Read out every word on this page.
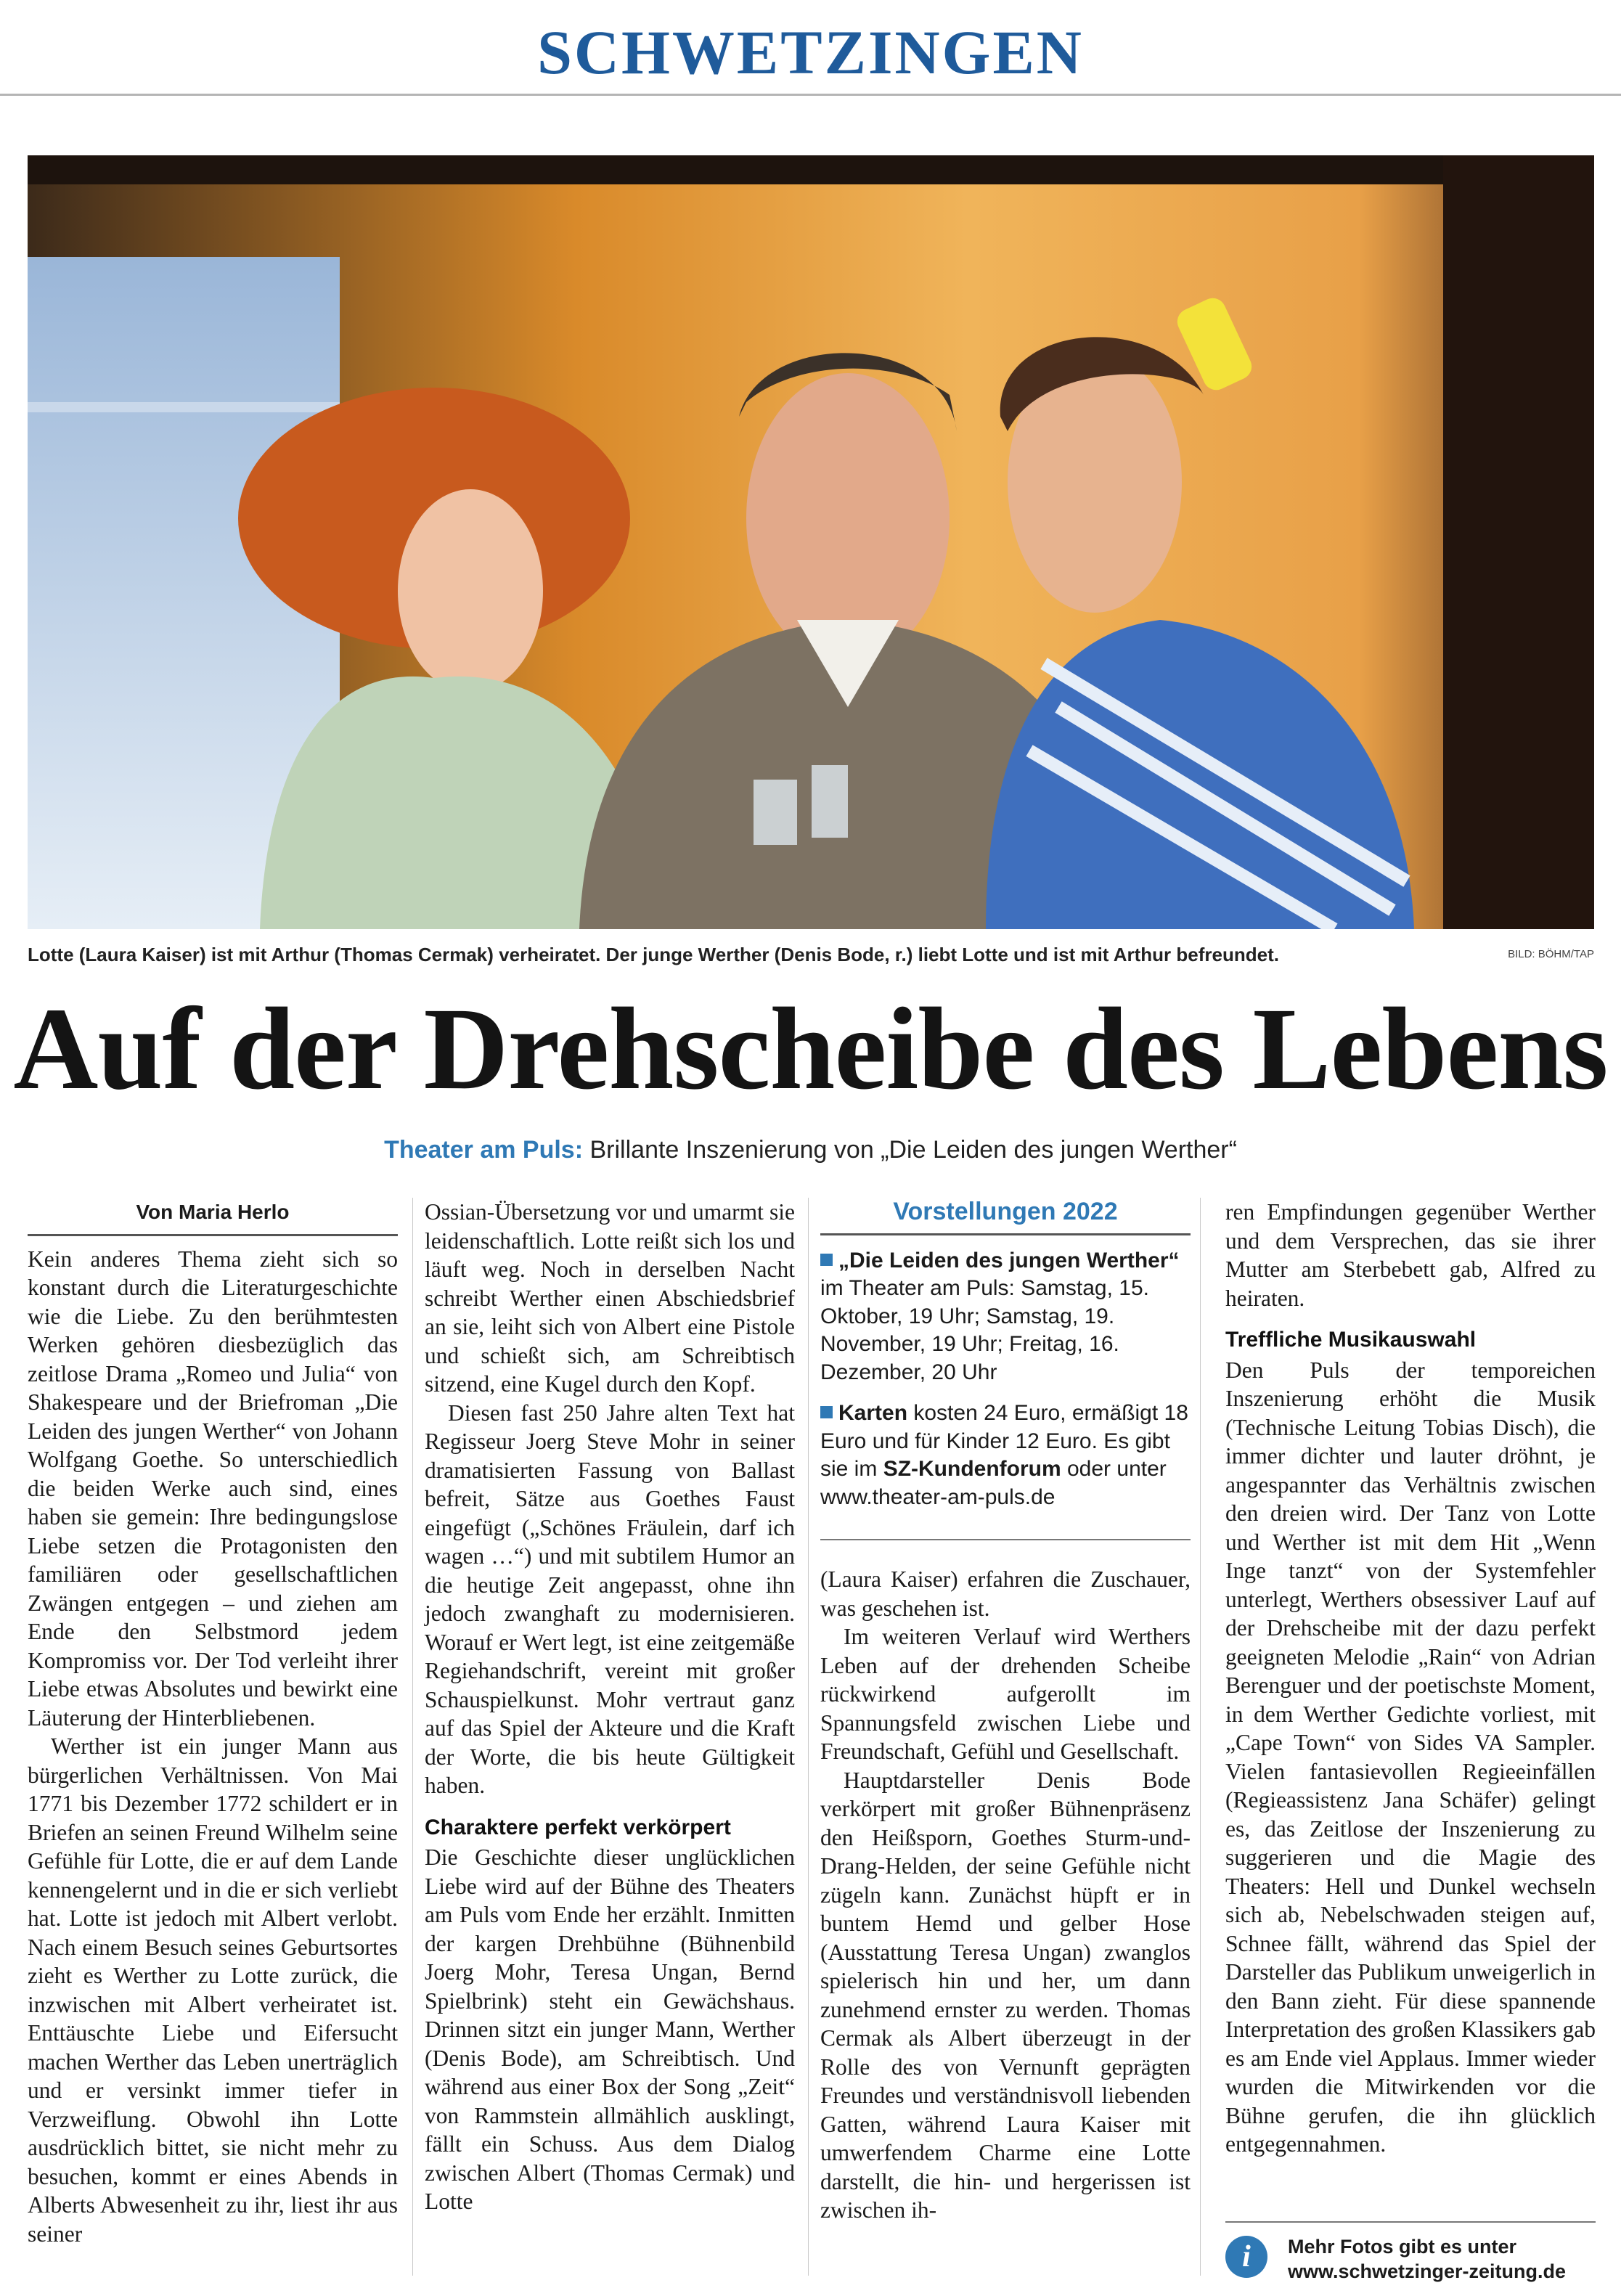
SCHWETZINGEN
Lotte (Laura Kaiser) ist mit Arthur (Thomas Cermak) verheiratet. Der junge Werther (Denis Bode, r.) liebt Lotte und ist mit Arthur befreundet.	BILD: BÖHM/TAP
Auf der Drehscheibe des Lebens
Theater am Puls: Brillante Inszenierung von „Die Leiden des jungen Werther“
Von Maria Herlo

Kein anderes Thema zieht sich so konstant durch die Literaturgeschichte wie die Liebe. Zu den berühmtesten Werken gehören diesbezüglich das zeitlose Drama „Romeo und Julia“ von Shakespeare und der Briefroman „Die Leiden des jungen Werther“ von Johann Wolfgang Goethe. So unterschiedlich die beiden Werke auch sind, eines haben sie gemein: Ihre bedingungslose Liebe setzen die Protagonisten den familiären oder gesellschaftlichen Zwängen entgegen – und ziehen am Ende den Selbstmord jedem Kompromiss vor. Der Tod verleiht ihrer Liebe etwas Absolutes und bewirkt eine Läuterung der Hinterbliebenen.

Werther ist ein junger Mann aus bürgerlichen Verhältnissen. Von Mai 1771 bis Dezember 1772 schildert er in Briefen an seinen Freund Wilhelm seine Gefühle für Lotte, die er auf dem Lande kennengelernt und in die er sich verliebt hat. Lotte ist jedoch mit Albert verlobt. Nach einem Besuch seines Geburtsortes zieht es Werther zu Lotte zurück, die inzwischen mit Albert verheiratet ist. Enttäuschte Liebe und Eifersucht machen Werther das Leben unerträglich und er versinkt immer tiefer in Verzweiflung. Obwohl ihn Lotte ausdrücklich bittet, sie nicht mehr zu besuchen, kommt er eines Abends in Alberts Abwesenheit zu ihr, liest ihr aus seiner

Ossian-Übersetzung vor und umarmt sie leidenschaftlich. Lotte reißt sich los und läuft weg. Noch in derselben Nacht schreibt Werther einen Abschiedsbrief an sie, leiht sich von Albert eine Pistole und schießt sich, am Schreibtisch sitzend, eine Kugel durch den Kopf.

Diesen fast 250 Jahre alten Text hat Regisseur Joerg Steve Mohr in seiner dramatisierten Fassung von Ballast befreit, Sätze aus Goethes Faust eingefügt („Schönes Fräulein, darf ich wagen …“) und mit subtilem Humor an die heutige Zeit angepasst, ohne ihn jedoch zwanghaft zu modernisieren. Worauf er Wert legt, ist eine zeitgemäße Regiehandschrift, vereint mit großer Schauspielkunst. Mohr vertraut ganz auf das Spiel der Akteure und die Kraft der Worte, die bis heute Gültigkeit haben.

Charaktere perfekt verkörpert

Die Geschichte dieser unglücklichen Liebe wird auf der Bühne des Theaters am Puls vom Ende her erzählt. Inmitten der kargen Drehbühne (Bühnenbild Joerg Mohr, Teresa Ungan, Bernd Spielbrink) steht ein Gewächshaus. Drinnen sitzt ein junger Mann, Werther (Denis Bode), am Schreibtisch. Und während aus einer Box der Song „Zeit“ von Rammstein allmählich ausklingt, fällt ein Schuss. Aus dem Dialog zwischen Albert (Thomas Cermak) und Lotte

Vorstellungen 2022
„Die Leiden des jungen Werther“ im Theater am Puls: Samstag, 15. Oktober, 19 Uhr; Samstag, 19. November, 19 Uhr; Freitag, 16. Dezember, 20 Uhr
Karten kosten 24 Euro, ermäßigt 18 Euro und für Kinder 12 Euro. Es gibt sie im SZ-Kundenforum oder unter www.theater-am-puls.de

(Laura Kaiser) erfahren die Zuschauer, was geschehen ist.

Im weiteren Verlauf wird Werthers Leben auf der drehenden Scheibe rückwirkend aufgerollt im Spannungsfeld zwischen Liebe und Freundschaft, Gefühl und Gesellschaft.

Hauptdarsteller Denis Bode verkörpert mit großer Bühnenpräsenz den Heißsporn, Goethes Sturm-und-Drang-Helden, der seine Gefühle nicht zügeln kann. Zunächst hüpft er in buntem Hemd und gelber Hose (Ausstattung Teresa Ungan) zwanglos spielerisch hin und her, um dann zunehmend ernster zu werden. Thomas Cermak als Albert überzeugt in der Rolle des von Vernunft geprägten Freundes und verständnisvoll liebenden Gatten, während Laura Kaiser mit umwerfendem Charme eine Lotte darstellt, die hin- und hergerissen ist zwischen ih-

ren Empfindungen gegenüber Werther und dem Versprechen, das sie ihrer Mutter am Sterbebett gab, Alfred zu heiraten.

Treffliche Musikauswahl

Den Puls der temporeichen Inszenierung erhöht die Musik (Technische Leitung Tobias Disch), die immer dichter und lauter dröhnt, je angespannter das Verhältnis zwischen den dreien wird. Der Tanz von Lotte und Werther ist mit dem Hit „Wenn Inge tanzt“ von der Systemfehler unterlegt, Werthers obsessiver Lauf auf der Drehscheibe mit der dazu perfekt geeigneten Melodie „Rain“ von Adrian Berenguer und der poetischste Moment, in dem Werther Gedichte vorliest, mit „Cape Town“ von Sides VA Sampler. Vielen fantasievollen Regieeinfällen (Regieassistenz Jana Schäfer) gelingt es, das Zeitlose der Inszenierung zu suggerieren und die Magie des Theaters: Hell und Dunkel wechseln sich ab, Nebelschwaden steigen auf, Schnee fällt, während das Spiel der Darsteller das Publikum unweigerlich in den Bann zieht. Für diese spannende Interpretation des großen Klassikers gab es am Ende viel Applaus. Immer wieder wurden die Mitwirkenden vor die Bühne gerufen, die ihn glücklich entgegennahmen.

i	Mehr Fotos gibt es unter
www.schwetzinger-zeitung.de
